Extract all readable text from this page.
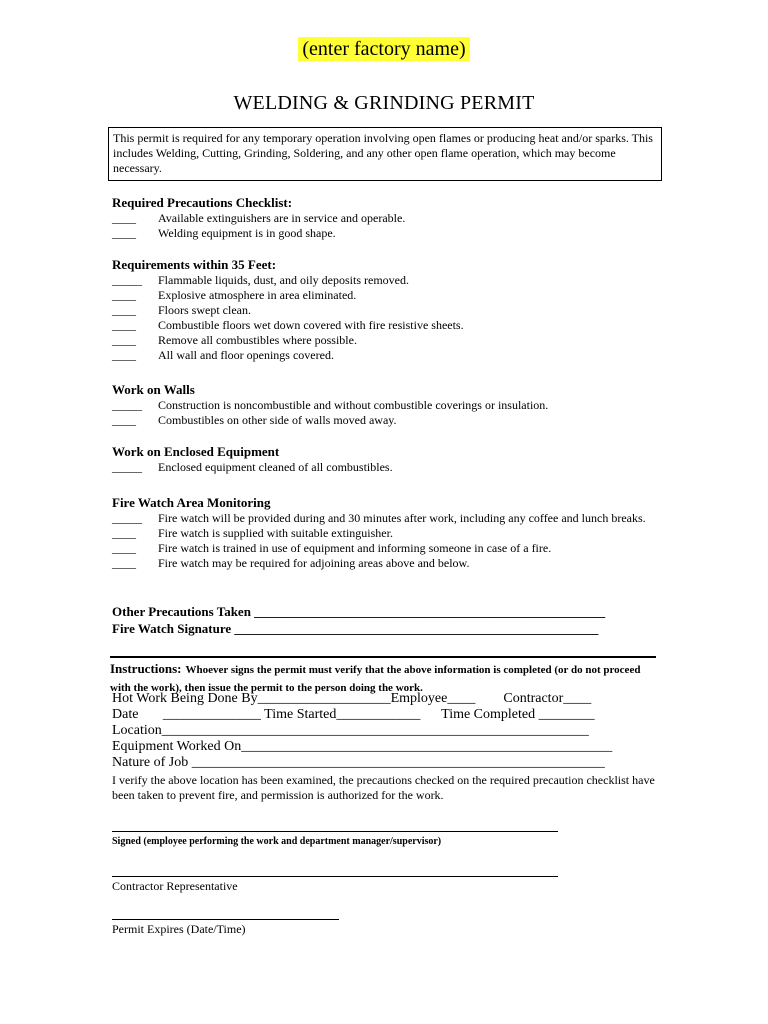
(enter factory name)
WELDING & GRINDING PERMIT
This permit is required for any temporary operation involving open flames or producing heat and/or sparks. This includes Welding, Cutting, Grinding, Soldering, and any other open flame operation, which may become necessary.
Required Precautions Checklist:
____	Available extinguishers are in service and operable.
____	Welding equipment is in good shape.
Requirements within 35 Feet:
_____	Flammable liquids, dust, and oily deposits removed.
____	Explosive atmosphere in area eliminated.
____	Floors swept clean.
____	Combustible floors wet down covered with fire resistive sheets.
____	Remove all combustibles where possible.
____	All wall and floor openings covered.
Work on Walls
_____	Construction is noncombustible and without combustible coverings or insulation.
____	Combustibles on other side of walls moved away.
Work on Enclosed Equipment
_____	Enclosed equipment cleaned of all combustibles.
Fire Watch Area Monitoring
_____	Fire watch will be provided during and 30 minutes after work, including any coffee and lunch breaks.
____	Fire watch is supplied with suitable extinguisher.
____	Fire watch is trained in use of equipment and informing someone in case of a fire.
____	Fire watch may be required for adjoining areas above and below.
Other Precautions Taken ______________________________________________________
Fire Watch Signature ________________________________________________________
Instructions: Whoever signs the permit must verify that the above information is completed (or do not proceed with the work), then issue the permit to the person doing the work.
Hot Work Being Done By___________________Employee____        Contractor____
Date       ______________ Time Started____________      Time Completed ________
Location_____________________________________________________________
Equipment Worked On_____________________________________________________
Nature of Job ___________________________________________________________
I verify the above location has been examined, the precautions checked on the required precaution checklist have been taken to prevent fire, and permission is authorized for the work.
Signed (employee performing the work and department manager/supervisor)
Contractor Representative
Permit Expires (Date/Time)
